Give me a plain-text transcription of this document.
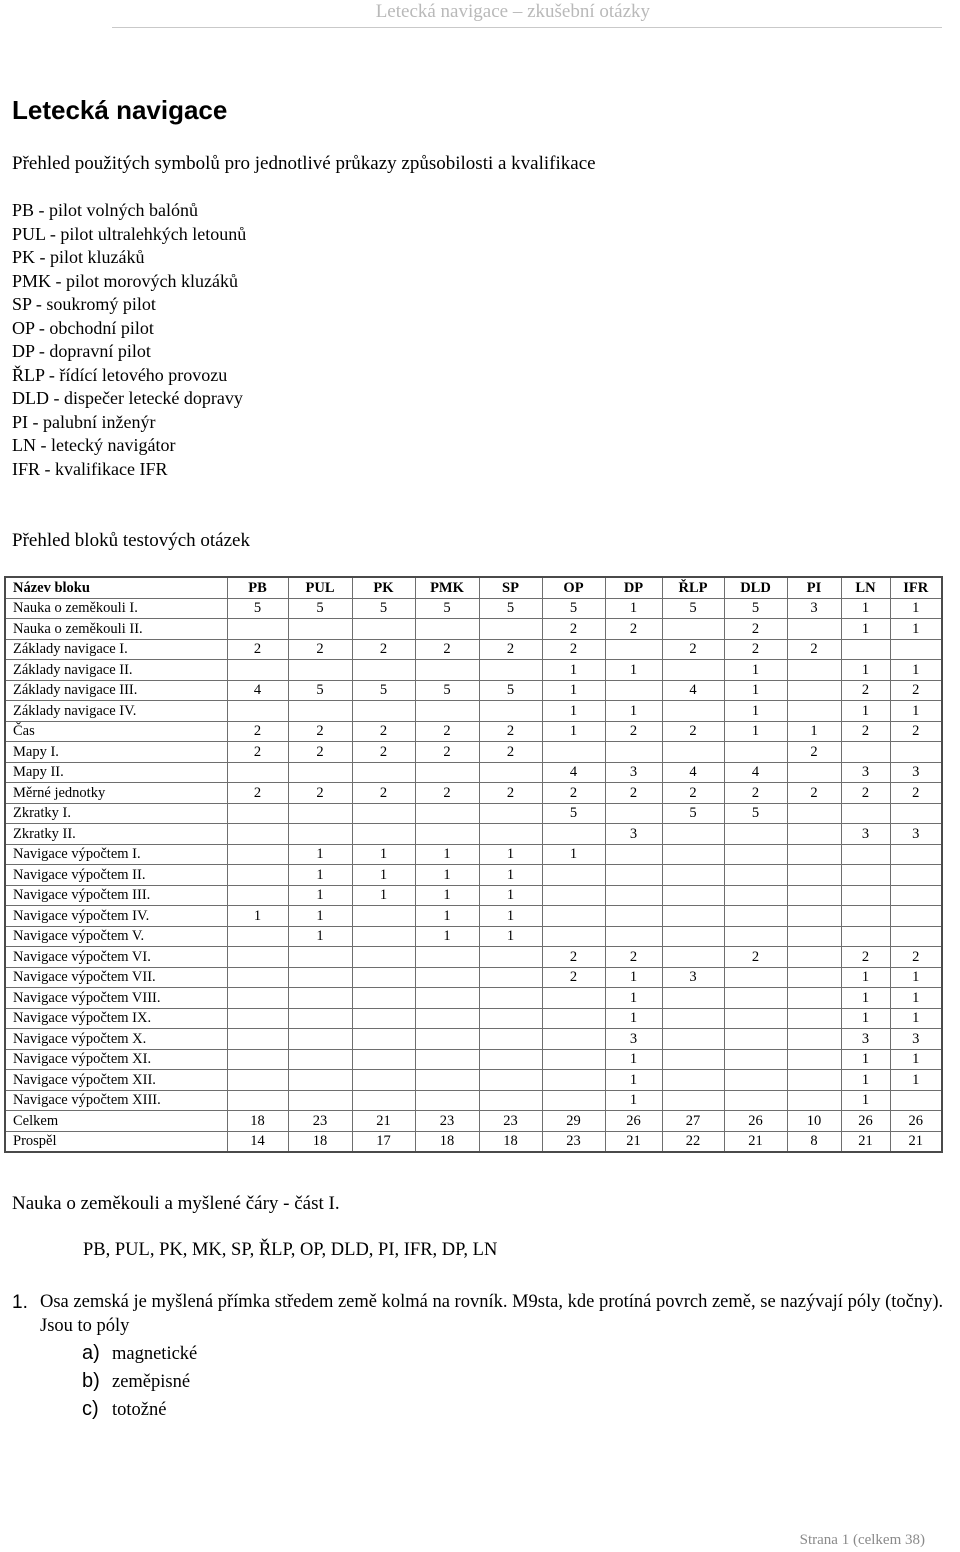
Letecká navigace – zkušební otázky
Letecká navigace
Přehled použitých symbolů pro jednotlivé průkazy způsobilosti a kvalifikace
PB - pilot volných balónů
PUL - pilot ultralehkých letounů
PK - pilot kluzáků
PMK - pilot morových kluzáků
SP - soukromý pilot
OP - obchodní pilot
DP - dopravní pilot
ŘLP - řídící letového provozu
DLD - dispečer letecké dopravy
PI - palubní inženýr
LN - letecký navigátor
IFR - kvalifikace IFR
Přehled bloků testových otázek
Název bloku	PB	PUL	PK	PMK	SP	OP	DP	ŘLP	DLD	PI	LN	IFR
Nauka o zeměkouli I.	5	5	5	5	5	5	1	5	5	3	1	1
Nauka o zeměkouli II.						2	2		2		1	1
Základy navigace I.	2	2	2	2	2	2		2	2	2		
Základy navigace II.						1	1		1		1	1
Základy navigace III.	4	5	5	5	5	1		4	1		2	2
Základy navigace IV.						1	1		1		1	1
Čas	2	2	2	2	2	1	2	2	1	1	2	2
Mapy I.	2	2	2	2	2					2		
Mapy II.						4	3	4	4		3	3
Měrné jednotky	2	2	2	2	2	2	2	2	2	2	2	2
Zkratky I.						5		5	5			
Zkratky II.							3				3	3
Navigace výpočtem I.		1	1	1	1	1						
Navigace výpočtem II.		1	1	1	1							
Navigace výpočtem III.		1	1	1	1							
Navigace výpočtem IV.	1	1		1	1							
Navigace výpočtem V.		1		1	1							
Navigace výpočtem VI.						2	2		2		2	2
Navigace výpočtem VII.						2	1	3			1	1
Navigace výpočtem VIII.							1				1	1
Navigace výpočtem IX.							1				1	1
Navigace výpočtem X.							3				3	3
Navigace výpočtem XI.							1				1	1
Navigace výpočtem XII.							1				1	1
Navigace výpočtem XIII.							1				1	
Celkem	18	23	21	23	23	29	26	27	26	10	26	26
Prospěl	14	18	17	18	18	23	21	22	21	8	21	21
Nauka o zeměkouli a myšlené čáry - část I.
PB, PUL, PK, MK, SP, ŘLP, OP, DLD, PI, IFR, DP, LN
1. Osa zemská je myšlená přímka středem země kolmá na rovník. M9sta, kde protíná povrch země, se nazývají póly (točny). Jsou to póly
a) magnetické
b) zeměpisné
c) totožné
Strana 1 (celkem 38)
